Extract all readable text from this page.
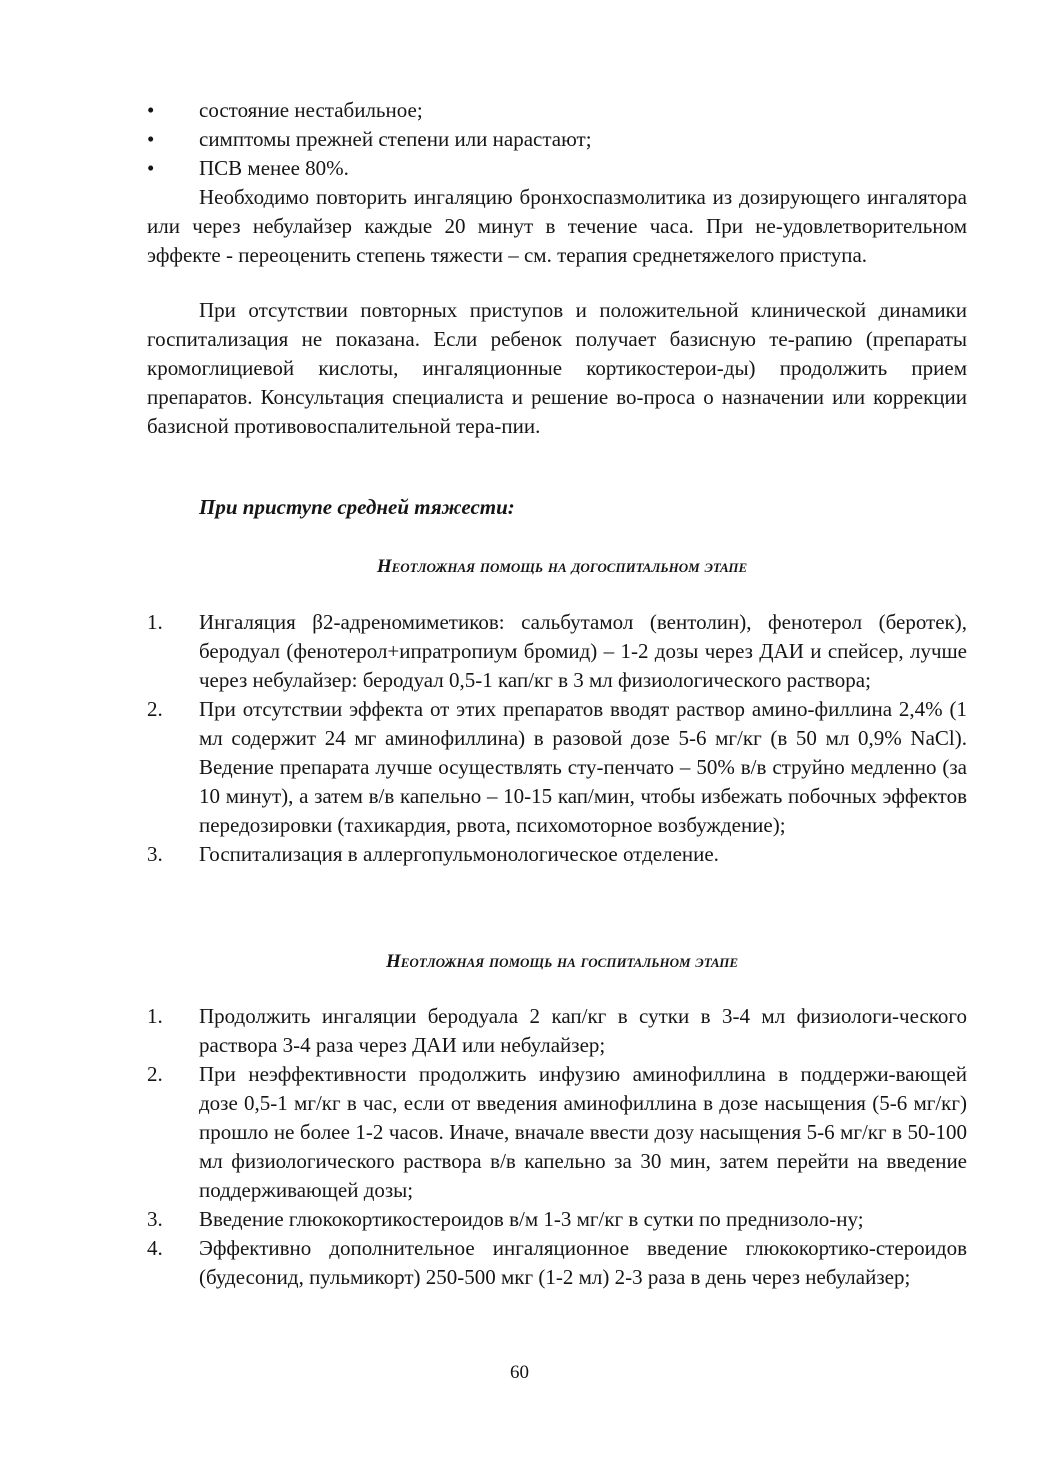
•	состояние нестабильное;
•	симптомы прежней степени или нарастают;
•	ПСВ менее 80%.

Необходимо повторить ингаляцию бронхоспазмолитика из дозирующего ингалятора или через небулайзер каждые 20 минут в течение часа. При не-удовлетворительном эффекте - переоценить степень тяжести – см. терапия среднетяжелого приступа.

При отсутствии повторных приступов и положительной клинической динамики госпитализация не показана. Если ребенок получает базисную те-рапию (препараты кромоглициевой кислоты, ингаляционные кортикостерои-ды) продолжить прием препаратов. Консультация специалиста и решение во-проса о назначении или коррекции базисной противовоспалительной тера-пии.

При приступе средней тяжести:

Неотложная помощь на догоспитальном этапе

1.	Ингаляция β2-адреномиметиков: сальбутамол (вентолин), фенотерол (беротек), беродуал (фенотерол+ипратропиум бромид) – 1-2 дозы через ДАИ и спейсер, лучше через небулайзер: беродуал 0,5-1 кап/кг в 3 мл физиологического раствора;
2.	При отсутствии эффекта от этих препаратов вводят раствор амино-филлина 2,4% (1 мл содержит 24 мг аминофиллина) в разовой дозе 5-6 мг/кг (в 50 мл 0,9% NaCl). Ведение препарата лучше осуществлять сту-пенчато – 50% в/в струйно медленно (за 10 минут), а затем в/в капельно – 10-15 кап/мин, чтобы избежать побочных эффектов передозировки (тахикардия, рвота, психомоторное возбуждение);
3.	Госпитализация в аллергопульмонологическое отделение.

Неотложная помощь на госпитальном этапе

1.	Продолжить ингаляции беродуала 2 кап/кг в сутки в 3-4 мл физиологи-ческого раствора 3-4 раза через ДАИ или небулайзер;
2.	При неэффективности продолжить инфузию аминофиллина в поддержи-вающей дозе 0,5-1 мг/кг в час, если от введения аминофиллина в дозе насыщения (5-6 мг/кг) прошло не более 1-2 часов. Иначе, вначале ввести дозу насыщения 5-6 мг/кг в 50-100 мл физиологического раствора в/в капельно за 30 мин, затем перейти на введение поддерживающей дозы;
3.	Введение глюкокортикостероидов в/м 1-3 мг/кг в сутки по преднизоло-ну;
4.	Эффективно дополнительное ингаляционное введение глюкокортико-стероидов (будесонид, пульмикорт) 250-500 мкг (1-2 мл) 2-3 раза в день через небулайзер;
60
